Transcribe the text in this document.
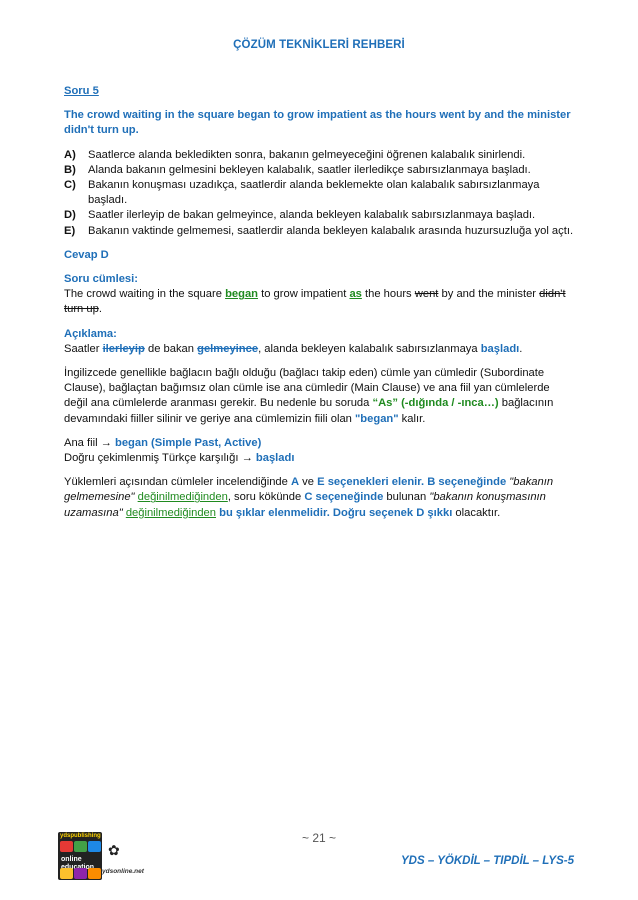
ÇÖZÜM TEKNİKLERİ REHBERİ
Soru 5
The crowd waiting in the square began to grow impatient as the hours went by and the minister didn't turn up.
A)	Saatlerce alanda bekledikten sonra, bakanın gelmeyeceğini öğrenen kalabalık sinirlendi.
B)	Alanda bakanın gelmesini bekleyen kalabalık, saatler ilerledikçe sabırsızlanmaya başladı.
C)	Bakanın konuşması uzadıkça, saatlerdir alanda beklemekte olan kalabalık sabırsızlanmaya başladı.
D)	Saatler ilerleyip de bakan gelmeyince, alanda bekleyen kalabalık sabırsızlanmaya başladı.
E)	Bakanın vaktinde gelmemesi, saatlerdir alanda bekleyen kalabalık arasında huzursuzluğa yol açtı.
Cevap D
Soru cümlesi:
The crowd waiting in the square began to grow impatient as the hours went by and the minister didn't turn up.
Açıklama:
Saatler ilerleyip de bakan gelmeyince, alanda bekleyen kalabalık sabırsızlanmaya başladı.
İngilizcede genellikle bağlacın bağlı olduğu (bağlacı takip eden) cümle yan cümledir (Subordinate Clause), bağlaçtan bağımsız olan cümle ise ana cümledir (Main Clause) ve ana fiil yan cümlelerde değil ana cümlelerde aranması gerekir. Bu nedenle bu soruda “As” (-dığında / -ınca…) bağlacının devamındaki fiiller silinir ve geriye ana cümlemizin fiili olan "began" kalır.
Ana fiil → began (Simple Past, Active)
Doğru çekimlenmiş Türkçe karşılığı → başladı
Yüklemleri açısından cümleler incelendiğinde A ve E seçenekleri elenir. B seçeneğinde "bakanın gelmemesine" değinilmediğinden, soru kökünde C seçeneğinde bulunan "bakanın konuşmasının uzamasına" değinilmediğinden bu şıklar elenmelidir. Doğru seçenek D şıkkı olacaktır.
~ 21 ~
YDS – YÖKDİL – TIPDİL – LYS-5
ydspublishing
online

✿
ydsonline.net
